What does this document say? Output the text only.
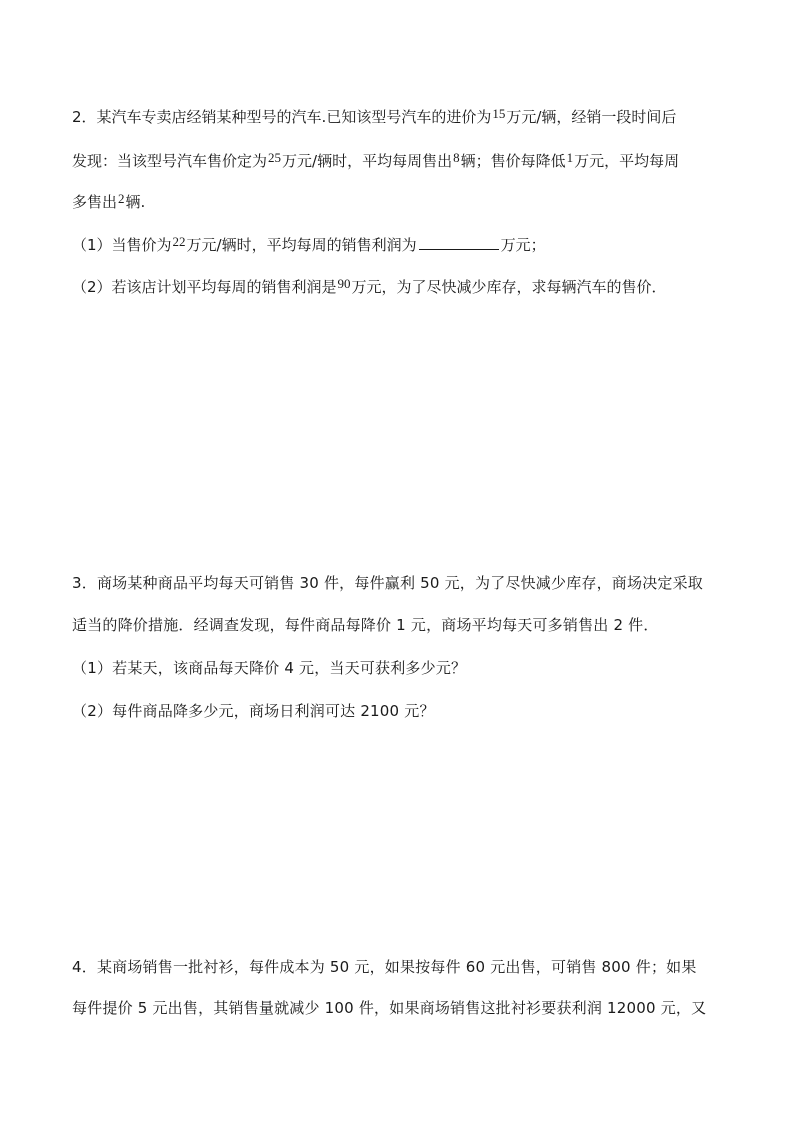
2．某汽车专卖店经销某种型号的汽车.已知该型号汽车的进价为15万元/辆，经销一段时间后
发现：当该型号汽车售价定为25万元/辆时，平均每周售出8辆；售价每降低1万元，平均每周
多售出2辆.
（1）当售价为22万元/辆时，平均每周的销售利润为	万元；
（2）若该店计划平均每周的销售利润是90万元，为了尽快减少库存，求每辆汽车的售价．
3．商场某种商品平均每天可销售 30 件，每件赢利 50 元，为了尽快减少库存，商场决定采取
适当的降价措施．经调查发现，每件商品每降价 1 元，商场平均每天可多销售出 2 件．
（1）若某天，该商品每天降价 4 元，当天可获利多少元？
（2）每件商品降多少元，商场日利润可达 2100 元？
4．某商场销售一批衬衫，每件成本为 50 元，如果按每件 60 元出售，可销售 800 件；如果
每件提价 5 元出售，其销售量就减少 100 件，如果商场销售这批衬衫要获利润 12000 元，又
